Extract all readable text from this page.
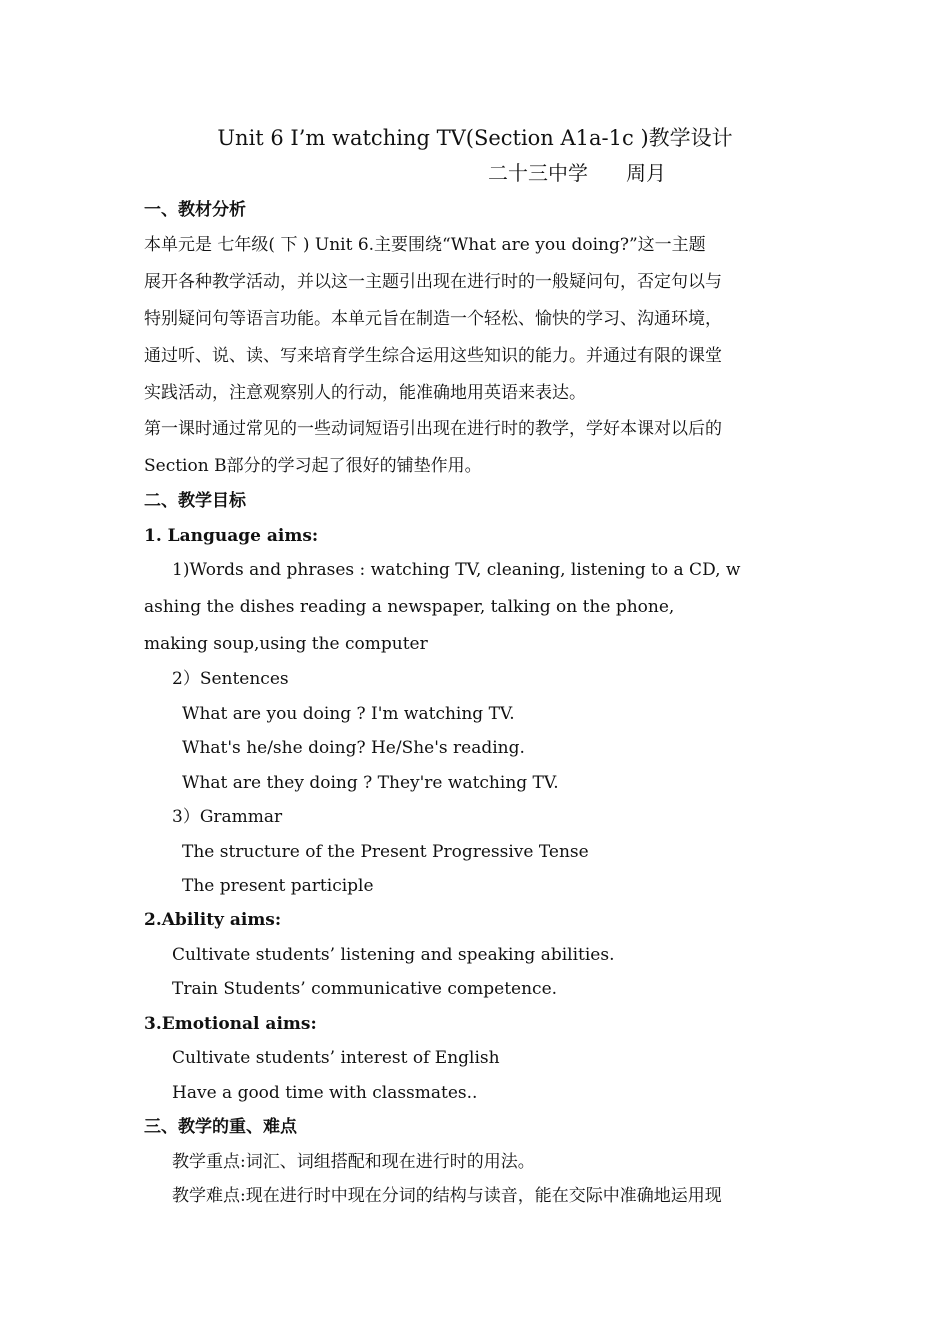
Unit 6 I’m watching TV(Section A1a-1c )教学设计
二十三中学 周月
一、教材分析
本单元是 七年级( 下 ) Unit 6.主要围绕“What are you doing?”这一主题
展开各种教学活动，并以这一主题引出现在进行时的一般疑问句，否定句以与
特别疑问句等语言功能。本单元旨在制造一个轻松、愉快的学习、沟通环境，
通过听、说、读、写来培育学生综合运用这些知识的能力。并通过有限的课堂
实践活动，注意观察别人的行动，能准确地用英语来表达。
第一课时通过常见的一些动词短语引出现在进行时的教学，学好本课对以后的
Section B部分的学习起了很好的铺垫作用。
二、教学目标
1. Language aims:
1)Words and phrases : watching TV, cleaning, listening to a CD, w
ashing the dishes reading a newspaper, talking on the phone,
making soup,using the computer
2）Sentences
What are you doing ? I'm watching TV.
What's he/she doing? He/She's reading.
What are they doing ? They're watching TV.
3）Grammar
The structure of the Present Progressive Tense
The present participle
2.Ability aims:
Cultivate students’ listening and speaking abilities.
Train Students’ communicative competence.
3.Emotional aims:
Cultivate students’ interest of English
Have a good time with classmates..
三、教学的重、难点
教学重点:词汇、词组搭配和现在进行时的用法。
教学难点:现在进行时中现在分词的结构与读音，能在交际中准确地运用现
